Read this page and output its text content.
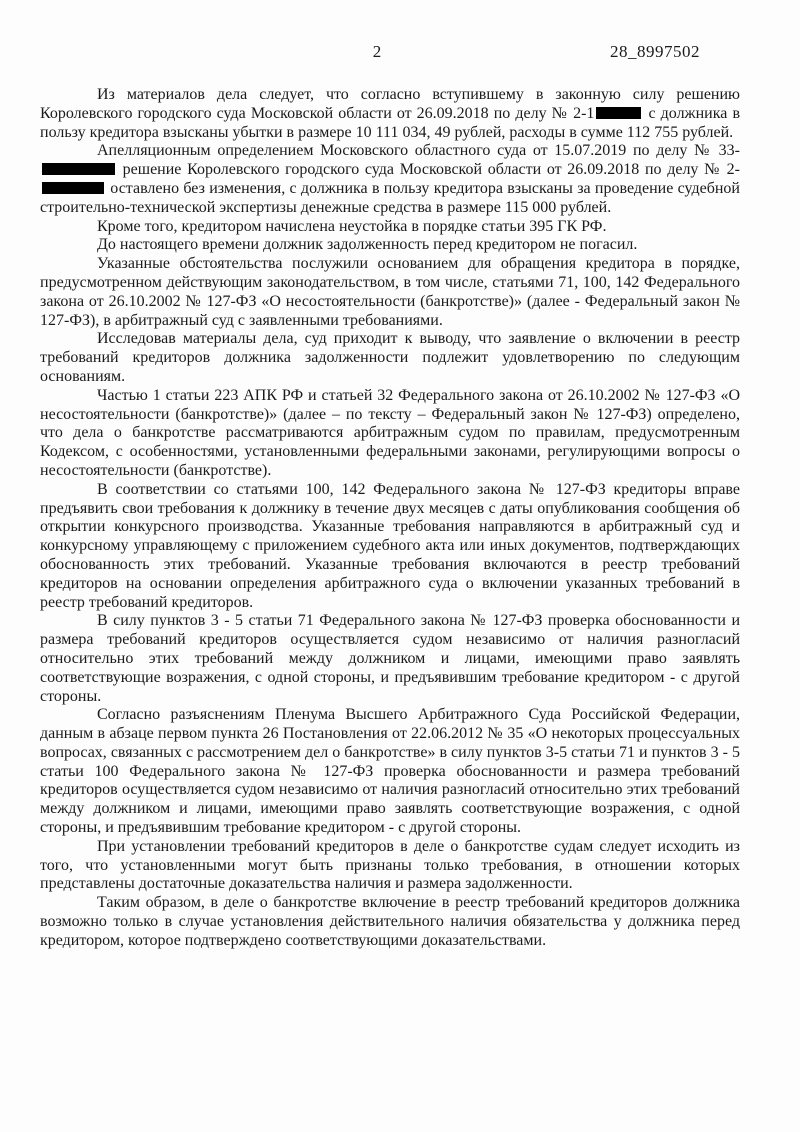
2	28_8997502

Из материалов дела следует, что согласно вступившему в законную силу решению Королевского городского суда Московской области от 26.09.2018 по делу № 2-1	с должника в пользу кредитора взысканы убытки в размере 10 111 034, 49 рублей, расходы в сумме 112 755 рублей.

Апелляционным определением Московского областного суда от 15.07.2019 по делу № 33- решение Королевского городского суда Московской области от 26.09.2018 по делу № 2- оставлено без изменения, с должника в пользу кредитора взысканы за проведение судебной строительно-технической экспертизы денежные средства в размере 115 000 рублей.

Кроме того, кредитором начислена неустойка в порядке статьи 395 ГК РФ.

До настоящего времени должник задолженность перед кредитором не погасил.

Указанные обстоятельства послужили основанием для обращения кредитора в порядке, предусмотренном действующим законодательством, в том числе, статьями 71, 100, 142 Федерального закона от 26.10.2002 № 127-ФЗ «О несостоятельности (банкротстве)» (далее - Федеральный закон № 127-ФЗ), в арбитражный суд с заявленными требованиями.

Исследовав материалы дела, суд приходит к выводу, что заявление о включении в реестр требований кредиторов должника задолженности подлежит удовлетворению по следующим основаниям.

Частью 1 статьи 223 АПК РФ и статьей 32 Федерального закона от 26.10.2002 № 127-ФЗ «О несостоятельности (банкротстве)» (далее – по тексту – Федеральный закон № 127-ФЗ) определено, что дела о банкротстве рассматриваются арбитражным судом по правилам, предусмотренным Кодексом, с особенностями, установленными федеральными законами, регулирующими вопросы о несостоятельности (банкротстве).

В соответствии со статьями 100, 142 Федерального закона № 127-ФЗ кредиторы вправе предъявить свои требования к должнику в течение двух месяцев с даты опубликования сообщения об открытии конкурсного производства. Указанные требования направляются в арбитражный суд и конкурсному управляющему с приложением судебного акта или иных документов, подтверждающих обоснованность этих требований. Указанные требования включаются в реестр требований кредиторов на основании определения арбитражного суда о включении указанных требований в реестр требований кредиторов.

В силу пунктов 3 - 5 статьи 71 Федерального закона № 127-ФЗ проверка обоснованности и размера требований кредиторов осуществляется судом независимо от наличия разногласий относительно этих требований между должником и лицами, имеющими право заявлять соответствующие возражения, с одной стороны, и предъявившим требование кредитором - с другой стороны.

Согласно разъяснениям Пленума Высшего Арбитражного Суда Российской Федерации, данным в абзаце первом пункта 26 Постановления от 22.06.2012 № 35 «О некоторых процессуальных вопросах, связанных с рассмотрением дел о банкротстве» в силу пунктов 3-5 статьи 71 и пунктов 3 - 5 статьи 100 Федерального закона № 127-ФЗ проверка обоснованности и размера требований кредиторов осуществляется судом независимо от наличия разногласий относительно этих требований между должником и лицами, имеющими право заявлять соответствующие возражения, с одной стороны, и предъявившим требование кредитором - с другой стороны.

При установлении требований кредиторов в деле о банкротстве судам следует исходить из того, что установленными могут быть признаны только требования, в отношении которых представлены достаточные доказательства наличия и размера задолженности.

Таким образом, в деле о банкротстве включение в реестр требований кредиторов должника возможно только в случае установления действительного наличия обязательства у должника перед кредитором, которое подтверждено соответствующими доказательствами.
